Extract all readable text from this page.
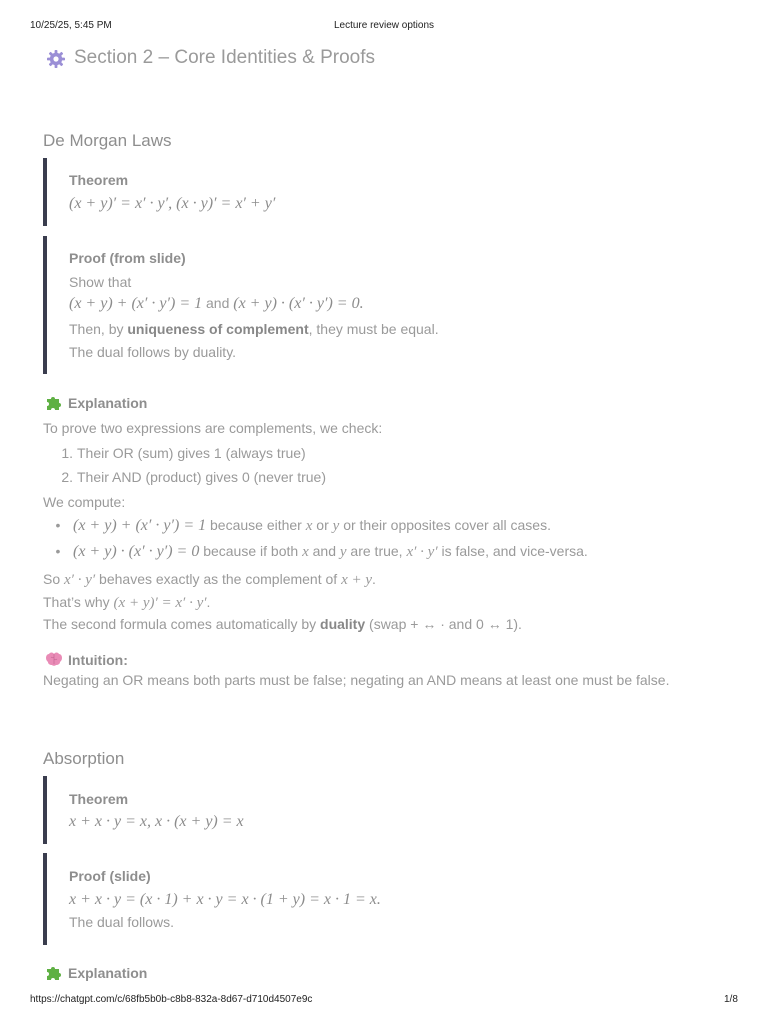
10/25/25, 5:45 PM	Lecture review options
Section 2 – Core Identities & Proofs
De Morgan Laws
Theorem
(x + y)′ = x′ · y′, (x · y)′ = x′ + y′
Proof (from slide)
Show that
(x + y) + (x′ · y′) = 1 and (x + y) · (x′ · y′) = 0.
Then, by uniqueness of complement, they must be equal.
The dual follows by duality.
Explanation
To prove two expressions are complements, we check:
1. Their OR (sum) gives 1 (always true)
2. Their AND (product) gives 0 (never true)
We compute:
• (x + y) + (x′ · y′) = 1 because either x or y or their opposites cover all cases.
• (x + y) · (x′ · y′) = 0 because if both x and y are true, x′ · y′ is false, and vice-versa.
So x′ · y′ behaves exactly as the complement of x + y.
That’s why (x + y)′ = x′ · y′.
The second formula comes automatically by duality (swap + ↔ · and 0 ↔ 1).
Intuition:
Negating an OR means both parts must be false; negating an AND means at least one must be false.
Absorption
Theorem
x + x · y = x, x · (x + y) = x
Proof (slide)
x + x · y = (x · 1) + x · y = x · (1 + y) = x · 1 = x.
The dual follows.
Explanation
https://chatgpt.com/c/68fb5b0b-c8b8-832a-8d67-d710d4507e9c	1/8
